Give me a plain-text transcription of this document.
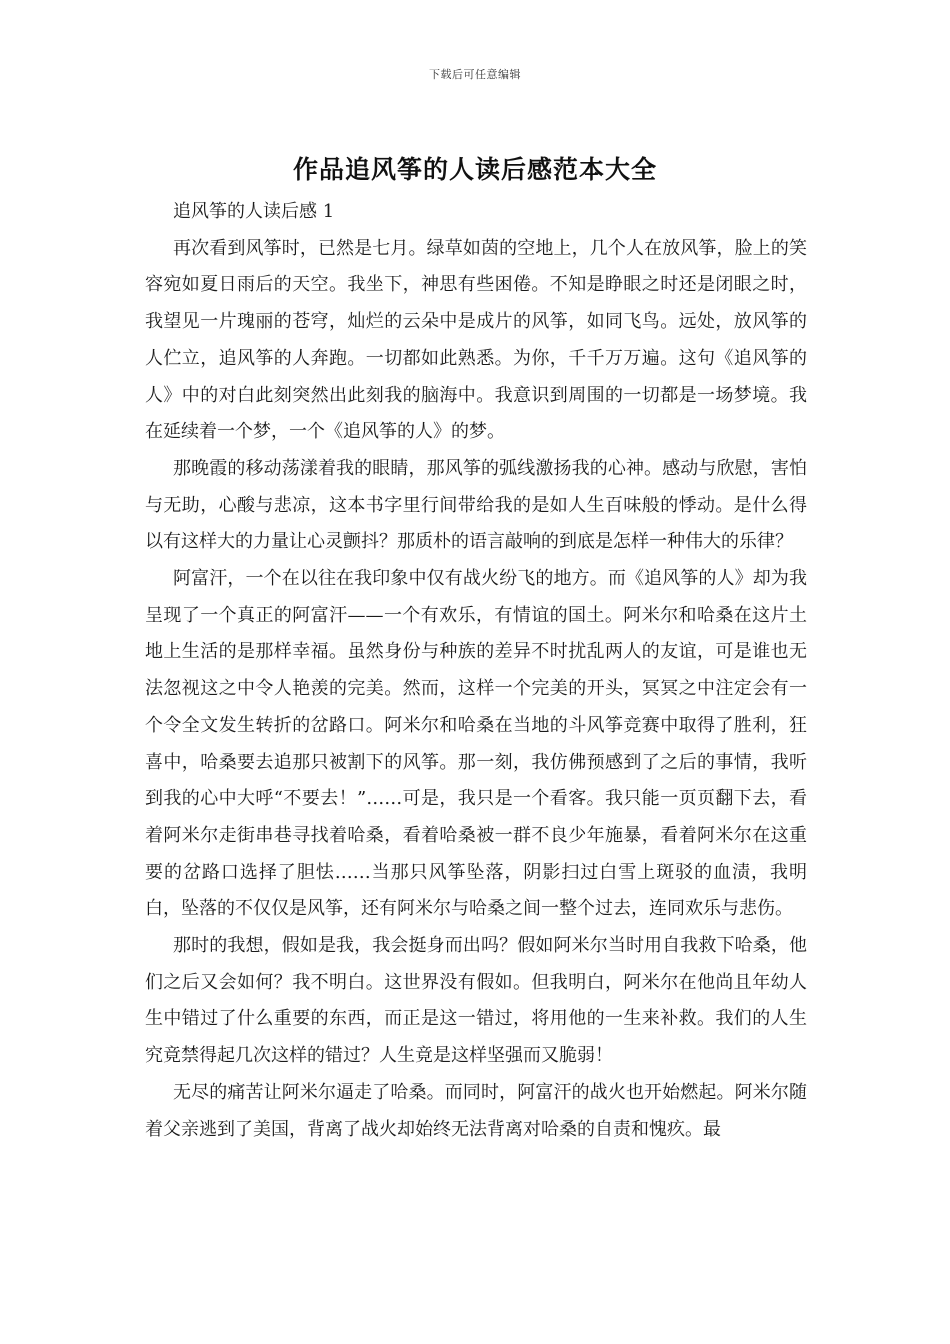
下载后可任意编辑
作品追风筝的人读后感范本大全

追风筝的人读后感 1

再次看到风筝时，已然是七月。绿草如茵的空地上，几个人在放风筝，脸上的笑容宛如夏日雨后的天空。我坐下，神思有些困倦。不知是睁眼之时还是闭眼之时，我望见一片瑰丽的苍穹，灿烂的云朵中是成片的风筝，如同飞鸟。远处，放风筝的人伫立，追风筝的人奔跑。一切都如此熟悉。为你，千千万万遍。这句《追风筝的人》中的对白此刻突然出此刻我的脑海中。我意识到周围的一切都是一场梦境。我在延续着一个梦，一个《追风筝的人》的梦。

那晚霞的移动荡漾着我的眼睛，那风筝的弧线激扬我的心神。感动与欣慰，害怕与无助，心酸与悲凉，这本书字里行间带给我的是如人生百味般的悸动。是什么得以有这样大的力量让心灵颤抖？那质朴的语言敲响的到底是怎样一种伟大的乐律？

阿富汗，一个在以往在我印象中仅有战火纷飞的地方。而《追风筝的人》却为我呈现了一个真正的阿富汗——一个有欢乐，有情谊的国土。阿米尔和哈桑在这片土地上生活的是那样幸福。虽然身份与种族的差异不时扰乱两人的友谊，可是谁也无法忽视这之中令人艳羡的完美。然而，这样一个完美的开头，冥冥之中注定会有一个令全文发生转折的岔路口。阿米尔和哈桑在当地的斗风筝竞赛中取得了胜利，狂喜中，哈桑要去追那只被割下的风筝。那一刻，我仿佛预感到了之后的事情，我听到我的心中大呼“不要去！”……可是，我只是一个看客。我只能一页页翻下去，看着阿米尔走街串巷寻找着哈桑，看着哈桑被一群不良少年施暴，看着阿米尔在这重要的岔路口选择了胆怯……当那只风筝坠落，阴影扫过白雪上斑驳的血渍，我明白，坠落的不仅仅是风筝，还有阿米尔与哈桑之间一整个过去，连同欢乐与悲伤。

那时的我想，假如是我，我会挺身而出吗？假如阿米尔当时用自我救下哈桑，他们之后又会如何？我不明白。这世界没有假如。但我明白，阿米尔在他尚且年幼人生中错过了什么重要的东西，而正是这一错过，将用他的一生来补救。我们的人生究竟禁得起几次这样的错过？人生竟是这样坚强而又脆弱！

无尽的痛苦让阿米尔逼走了哈桑。而同时，阿富汗的战火也开始燃起。阿米尔随着父亲逃到了美国，背离了战火却始终无法背离对哈桑的自责和愧疚。最
